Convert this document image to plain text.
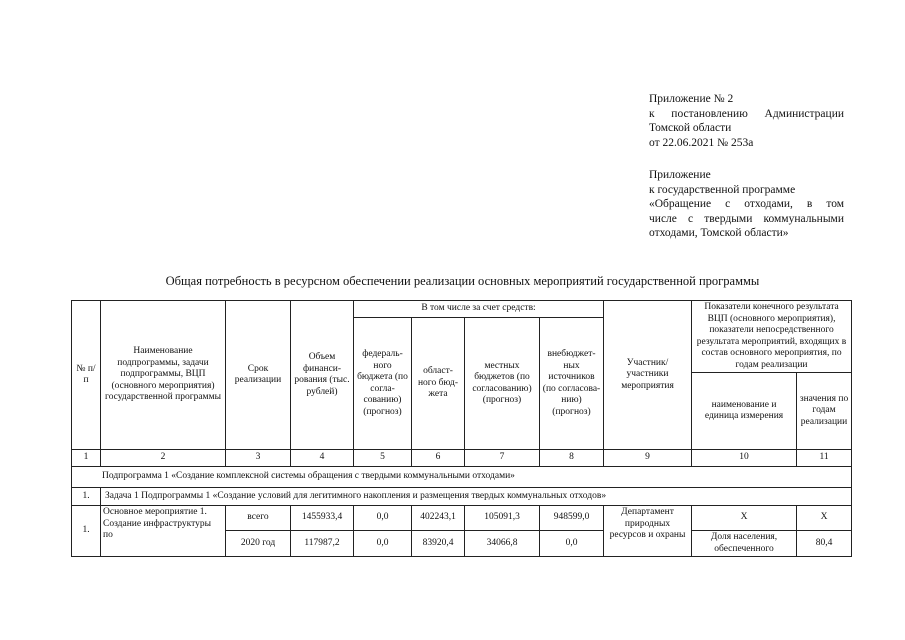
Приложение № 2
к постановлению Администрации
Томской области
от 22.06.2021 № 253а
Приложение
к государственной программе
«Обращение с отходами, в том
числе с твердыми коммунальными
отходами, Томской области»
Общая потребность в ресурсном обеспечении реализации основных мероприятий государственной программы
№ п/п	Наименование подпрограммы, задачи подпрограммы, ВЦП (основного мероприятия) государственной программы	Срок реализации	Объем финанси-рования (тыс. рублей)	В том числе за счет средств:				Участник/ участники мероприятия	Показатели конечного результата ВЦП (основного мероприятия), показатели непосредственного результата мероприятий, входящих в состав основного мероприятия, по годам реализации	
				федераль-ного бюджета (по согла-сованию) (прогноз)	област-ного бюд-жета	местных бюджетов (по согласованию) (прогноз)	внебюджет-ных источников (по согласова-нию) (прогноз)			
									наименование и единица измерения	значения по годам реализации
1	2	3	4	5	6	7	8	9	10	11
Подпрограмма 1 «Создание комплексной системы обращения с твердыми коммунальными отходами»										
1.	Задача 1 Подпрограммы 1 «Создание условий для легитимного накопления и размещения твердых коммунальных отходов»									
1.	Основное мероприятие 1. Создание инфраструктуры по	всего	1455933,4	0,0	402243,1	105091,3	948599,0	Департамент природных ресурсов и охраны	Х	Х
		2020 год	117987,2	0,0	83920,4	34066,8	0,0		Доля населения, обеспеченного	80,4
